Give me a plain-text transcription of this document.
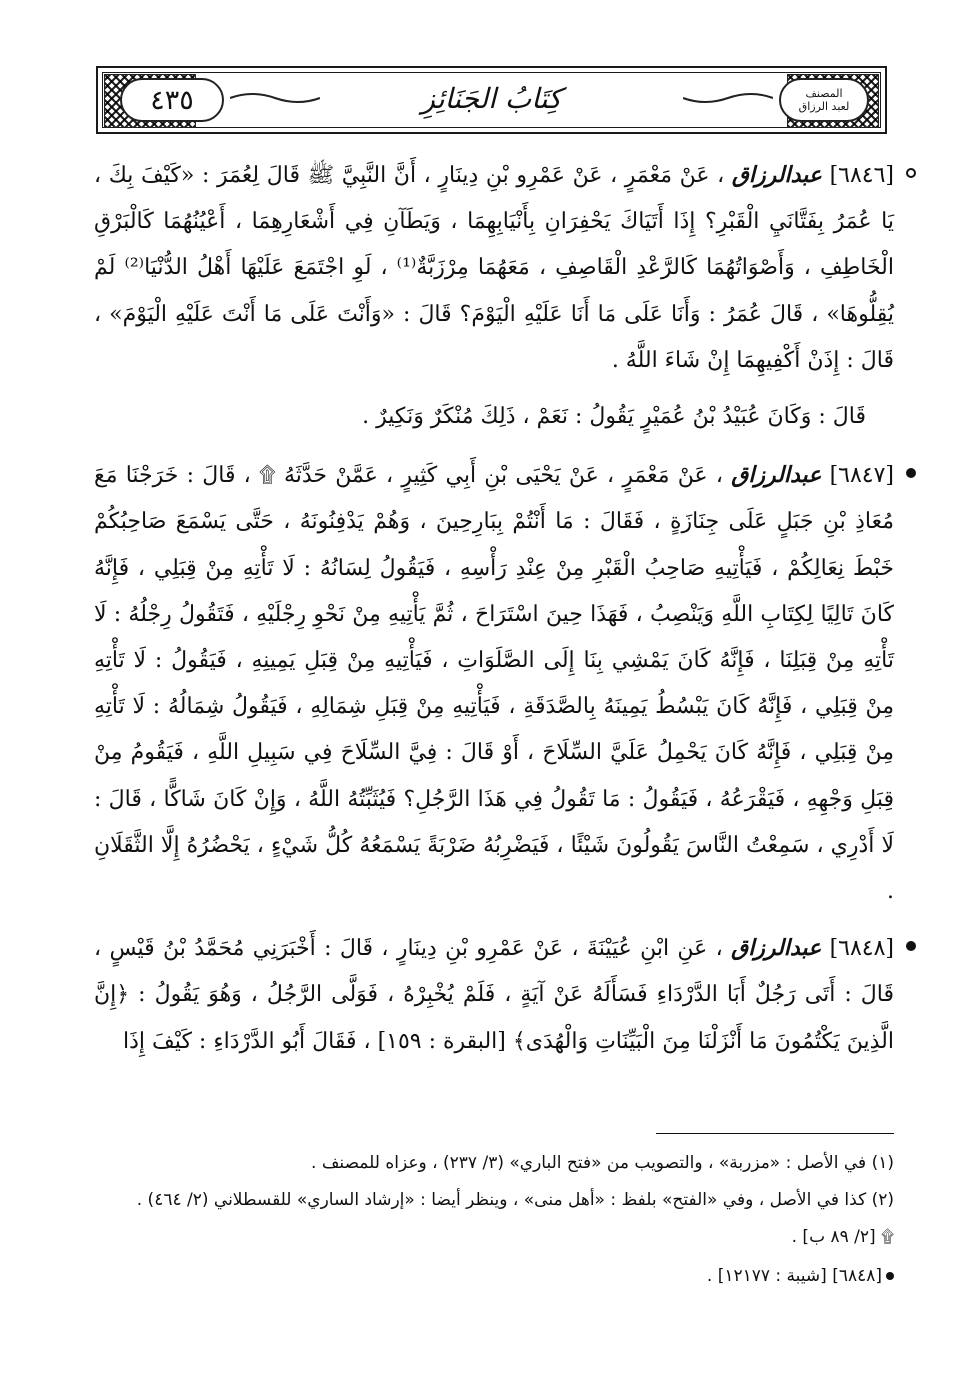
٤٣٥	المصنف
لعبد الرزاق
كِتَابُ الجَنَائِزِ
[٦٨٤٦] عبدالرزاق ، عَنْ مَعْمَرٍ ، عَنْ عَمْرِو بْنِ دِينَارٍ ، أَنَّ النَّبِيَّ ﷺ قَالَ لِعُمَرَ : «كَيْفَ بِكَ ، يَا عُمَرُ بِفَتَّانَيِ الْقَبْرِ؟ إِذَا أَتَيَاكَ يَحْفِرَانِ بِأَنْيَابِهِمَا ، وَيَطَآنِ فِي أَشْعَارِهِمَا ، أَعْيُنُهُمَا كَالْبَرْقِ الْخَاطِفِ ، وَأَصْوَاتُهُمَا كَالرَّعْدِ الْقَاصِفِ ، مَعَهُمَا مِرْزَبَّةٌ⁽¹⁾ ، لَوِ اجْتَمَعَ عَلَيْهَا أَهْلُ الدُّنْيَا⁽²⁾ لَمْ يُقِلُّوهَا» ، قَالَ عُمَرُ : وَأَنَا عَلَى مَا أَنَا عَلَيْهِ الْيَوْمَ؟ قَالَ : «وَأَنْتَ عَلَى مَا أَنْتَ عَلَيْهِ الْيَوْمَ» ، قَالَ : إِذَنْ أَكْفِيهِمَا إِنْ شَاءَ اللَّهُ .
قَالَ : وَكَانَ عُبَيْدُ بْنُ عُمَيْرٍ يَقُولُ : نَعَمْ ، ذَلِكَ مُنْكَرٌ وَنَكِيرٌ .
[٦٨٤٧] عبدالرزاق ، عَنْ مَعْمَرٍ ، عَنْ يَحْيَى بْنِ أَبِي كَثِيرٍ ، عَمَّنْ حَدَّثَهُ ۩ ، قَالَ : خَرَجْنَا مَعَ مُعَاذِ بْنِ جَبَلٍ عَلَى جِنَازَةٍ ، فَقَالَ : مَا أَنْتُمْ بِبَارِحِينَ ، وَهُمْ يَدْفِنُونَهُ ، حَتَّى يَسْمَعَ صَاحِبُكُمْ خَبْطَ نِعَالِكُمْ ، فَيَأْتِيهِ صَاحِبُ الْقَبْرِ مِنْ عِنْدِ رَأْسِهِ ، فَيَقُولُ لِسَانُهُ : لَا تَأْتِهِ مِنْ قِبَلِي ، فَإِنَّهُ كَانَ تَالِيًا لِكِتَابِ اللَّهِ وَيَنْصِبُ ، فَهَذَا حِينَ اسْتَرَاحَ ، ثُمَّ يَأْتِيهِ مِنْ نَحْوِ رِجْلَيْهِ ، فَتَقُولُ رِجْلُهُ : لَا تَأْتِهِ مِنْ قِبَلِنَا ، فَإِنَّهُ كَانَ يَمْشِي بِنَا إِلَى الصَّلَوَاتِ ، فَيَأْتِيهِ مِنْ قِبَلِ يَمِينِهِ ، فَيَقُولُ : لَا تَأْتِهِ مِنْ قِبَلِي ، فَإِنَّهُ كَانَ يَبْسُطُ يَمِينَهُ بِالصَّدَقَةِ ، فَيَأْتِيهِ مِنْ قِبَلِ شِمَالِهِ ، فَيَقُولُ شِمَالُهُ : لَا تَأْتِهِ مِنْ قِبَلِي ، فَإِنَّهُ كَانَ يَحْمِلُ عَلَيَّ السِّلَاحَ ، أَوْ قَالَ : فِيَّ السِّلَاحَ فِي سَبِيلِ اللَّهِ ، فَيَقُومُ مِنْ قِبَلِ وَجْهِهِ ، فَيَقْرَعُهُ ، فَيَقُولُ : مَا تَقُولُ فِي هَذَا الرَّجُلِ؟ فَيُثَبِّتُهُ اللَّهُ ، وَإِنْ كَانَ شَاكًّا ، قَالَ : لَا أَدْرِي ، سَمِعْتُ النَّاسَ يَقُولُونَ شَيْئًا ، فَيَضْرِبُهُ ضَرْبَةً يَسْمَعُهُ كُلُّ شَيْءٍ ، يَحْضُرُهُ إِلَّا الثَّقَلَانِ .
[٦٨٤٨] عبدالرزاق ، عَنِ ابْنِ عُيَيْنَةَ ، عَنْ عَمْرِو بْنِ دِينَارٍ ، قَالَ : أَخْبَرَنِي مُحَمَّدُ بْنُ قَيْسٍ ، قَالَ : أَتَى رَجُلٌ أَبَا الدَّرْدَاءِ فَسَأَلَهُ عَنْ آيَةٍ ، فَلَمْ يُخْبِرْهُ ، فَوَلَّى الرَّجُلُ ، وَهُوَ يَقُولُ : ﴿إِنَّ الَّذِينَ يَكْتُمُونَ مَا أَنْزَلْنَا مِنَ الْبَيِّنَاتِ وَالْهُدَى﴾ [البقرة : ١٥٩] ، فَقَالَ أَبُو الدَّرْدَاءِ : كَيْفَ إِذَا
(١) في الأصل : «مزربة» ، والتصويب من «فتح الباري» (٣/ ٢٣٧) ، وعزاه للمصنف .
(٢) كذا في الأصل ، وفي «الفتح» بلفظ : «أهل منى» ، وينظر أيضا : «إرشاد الساري» للقسطلاني (٢/ ٤٦٤) .
۩ [٢/ ٨٩ ب] .
[٦٨٤٨] [شيبة : ١٢١٧٧] .
